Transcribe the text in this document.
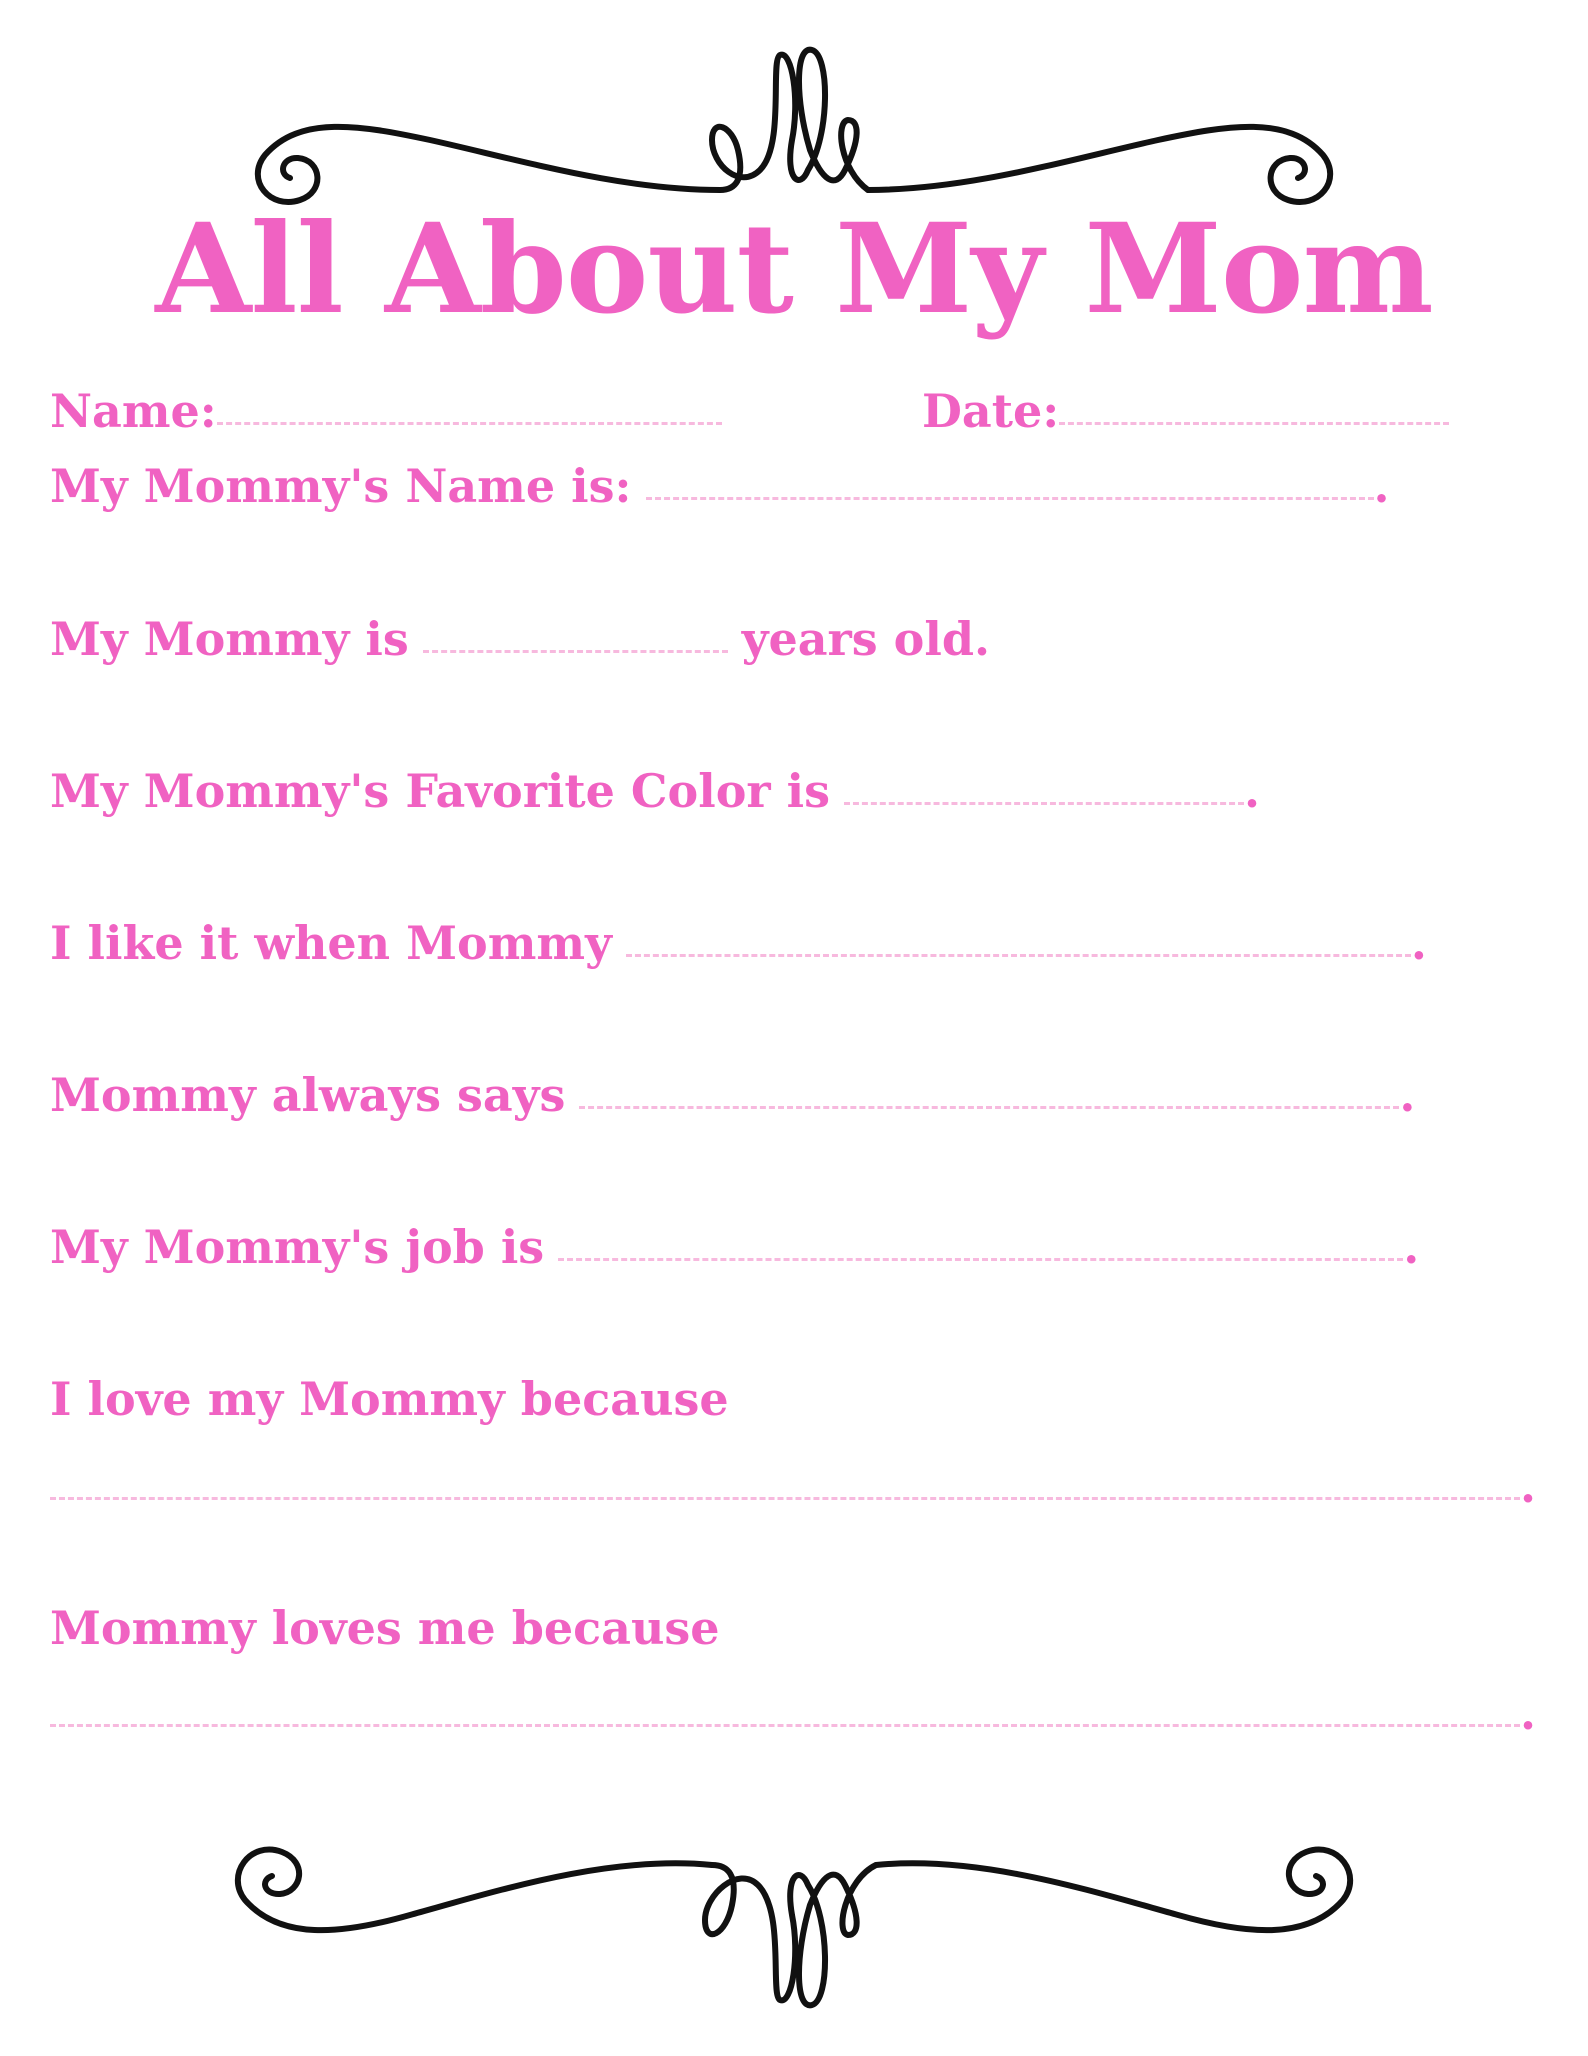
All About My Mom
Name:	Date:
My Mommy's Name is:	.
My Mommy is	years old.
My Mommy's Favorite Color is	.
I like it when Mommy	.
Mommy always says	.
My Mommy's job is	.
I love my Mommy because
.
Mommy loves me because
.
